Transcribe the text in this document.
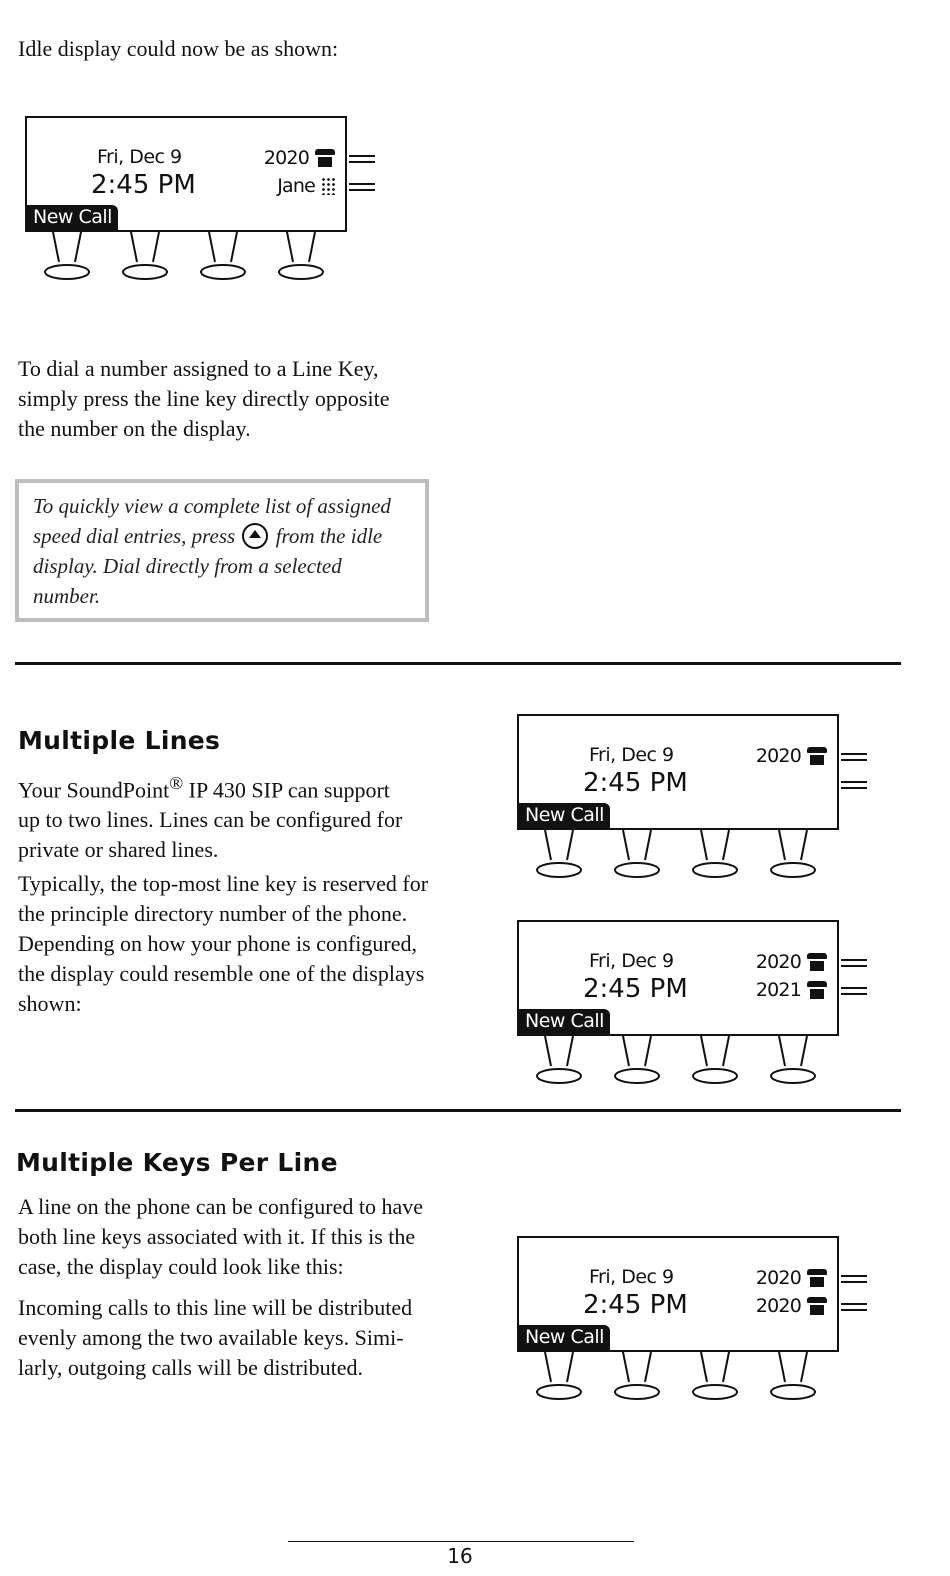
Idle display could now be as shown:

Fri, Dec 9
2:45 PM
New Call
2020
Jane

To dial a number assigned to a Line Key,
simply press the line key directly opposite
the number on the display.

To quickly view a complete list of assigned
speed dial entries, press from the idle
display. Dial directly from a selected
number.

Multiple Lines

Your SoundPoint® IP 430 SIP can support
up to two lines. Lines can be configured for
private or shared lines.

Typically, the top-most line key is reserved for
the principle directory number of the phone.
Depending on how your phone is configured,
the display could resemble one of the displays
shown:

Fri, Dec 9
2:45 PM
New Call
2020
Fri, Dec 9
2:45 PM
New Call
2020
2021
Multiple Keys Per Line

A line on the phone can be configured to have
both line keys associated with it. If this is the
case, the display could look like this:

Incoming calls to this line will be distributed
evenly among the two available keys. Simi-
larly, outgoing calls will be distributed.

Fri, Dec 9
2:45 PM
New Call
2020
2020
16
